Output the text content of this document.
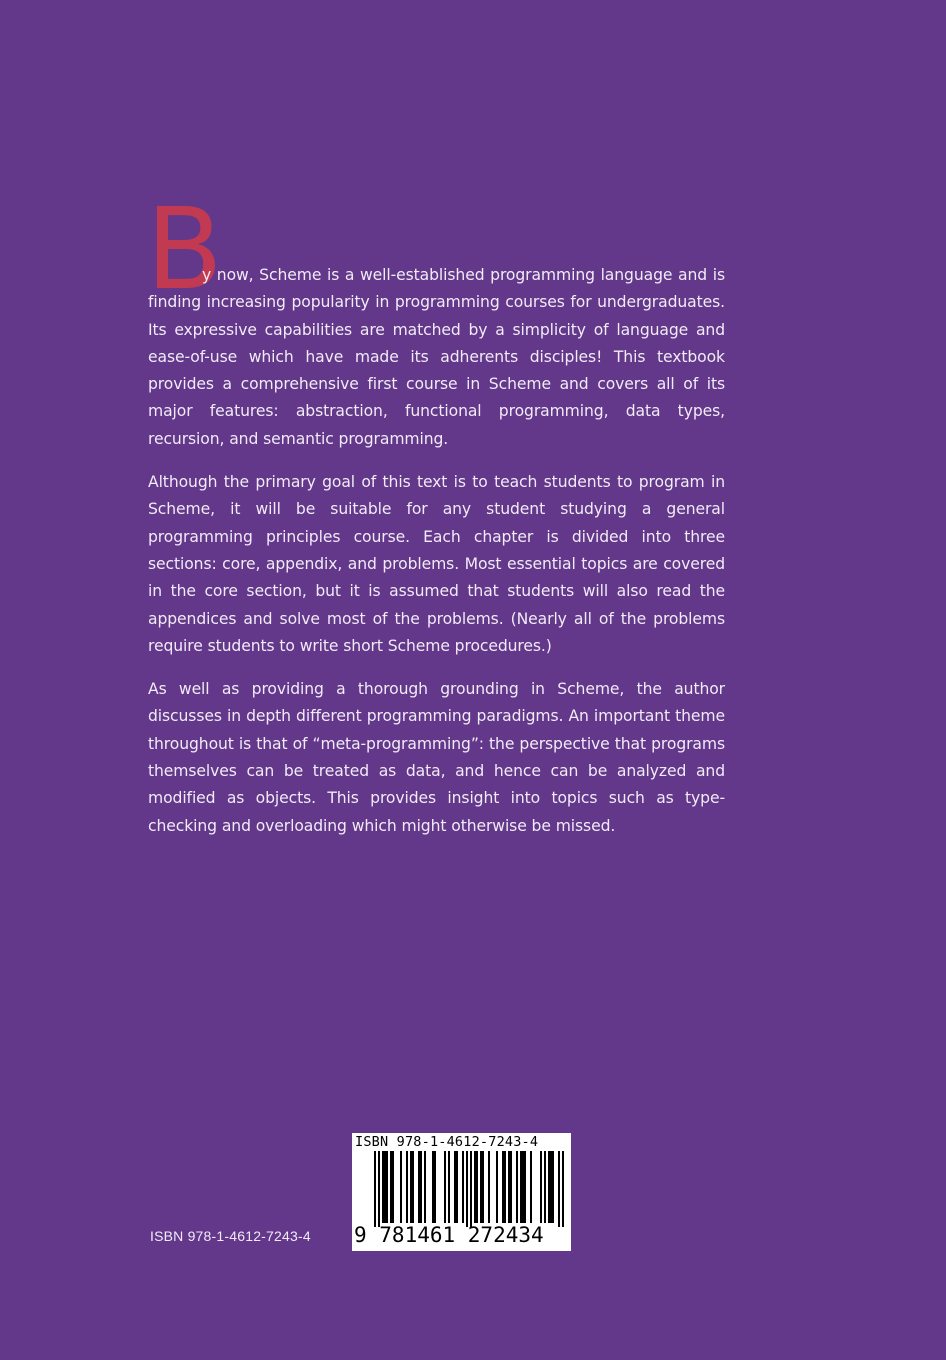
B

y now, Scheme is a well-established programming language and is finding increasing popularity in programming courses for undergraduates. Its expressive capabilities are matched by a simplicity of language and ease-of-use which have made its adherents disciples! This textbook provides a comprehensive first course in Scheme and covers all of its major features: abstraction, functional programming, data types, recursion, and semantic programming.

Although the primary goal of this text is to teach students to program in Scheme, it will be suitable for any student studying a general programming principles course. Each chapter is divided into three sections: core, appendix, and problems. Most essential topics are covered in the core section, but it is assumed that students will also read the appendices and solve most of the problems. (Nearly all of the problems require students to write short Scheme procedures.)

As well as providing a thorough grounding in Scheme, the author discusses in depth different programming paradigms. An important theme throughout is that of “meta-programming”: the perspective that programs themselves can be treated as data, and hence can be analyzed and modified as objects. This provides insight into topics such as type-checking and overloading which might otherwise be missed.

ISBN 978-1-4612-7243-4
ISBN 978-1-4612-7243-4
9 781461 272434
